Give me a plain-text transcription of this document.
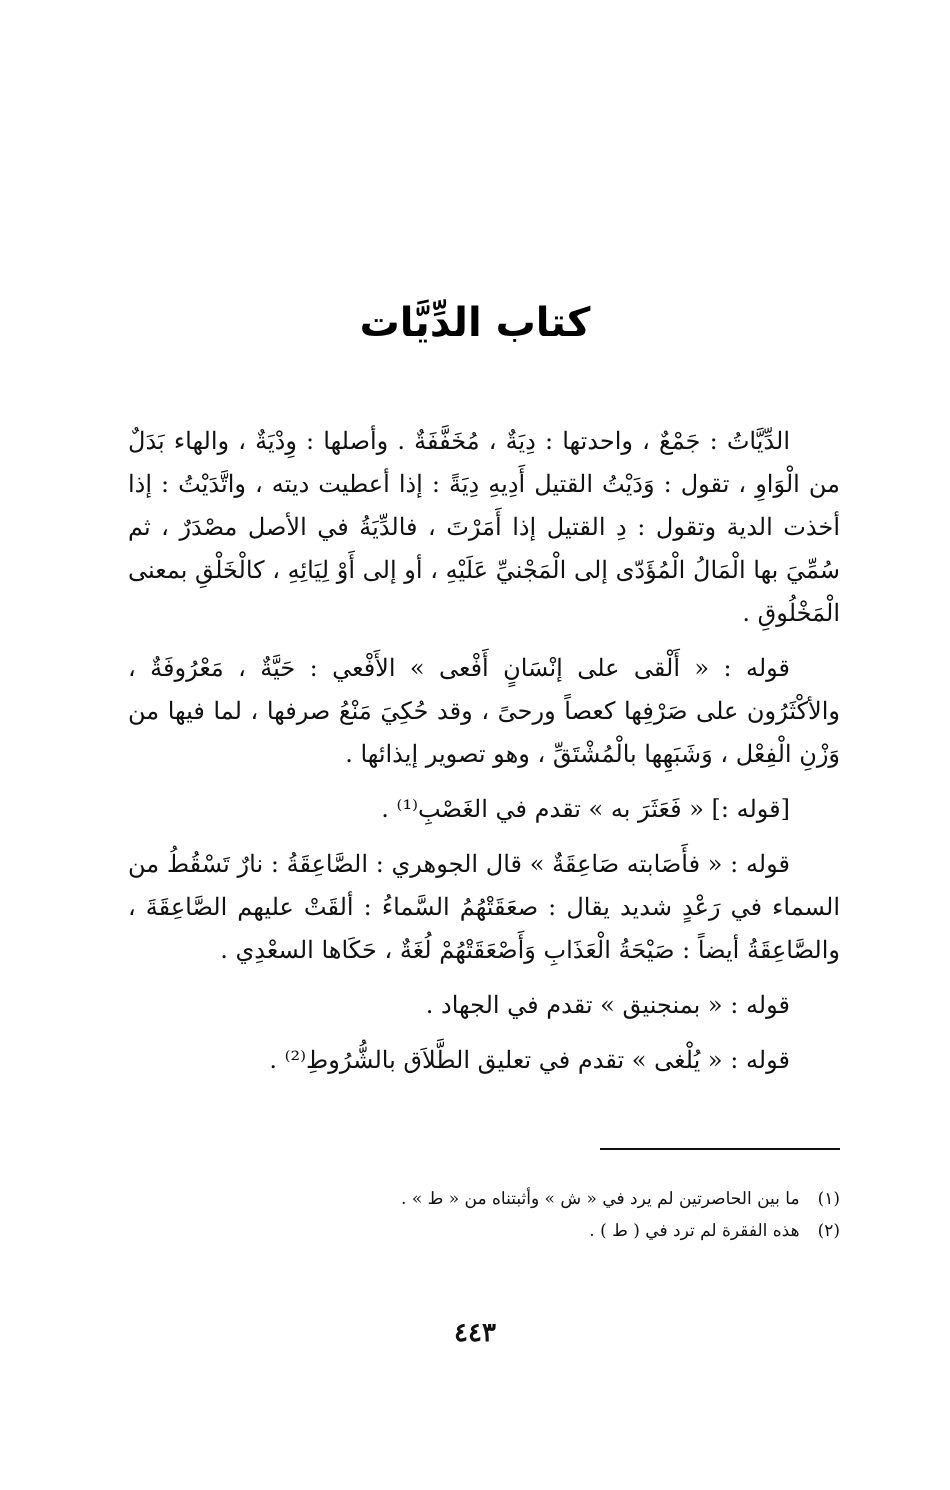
كتاب الدِّيَّات

الدِّيَّاتُ : جَمْعٌ ، واحدتها : دِيَةٌ ، مُخَفَّفَةٌ . وأصلها : وِدْيَةٌ ، والهاء بَدَلٌ من الْوَاوِ ، تقول : وَدَيْتُ القتيل أَدِيهِ دِيَةً : إذا أعطيت ديته ، واتَّدَيْتُ : إذا أخذت الدية وتقول : دِ القتيل إذا أَمَرْتَ ، فالدِّيَةُ في الأصل مصْدَرٌ ، ثم سُمِّيَ بها الْمَالُ الْمُؤَدّى إلى الْمَجْنيِّ عَلَيْهِ ، أو إلى أَوْ لِيَائِهِ ، كالْخَلْقِ بمعنى الْمَخْلُوقِ .

قوله : « أَلْقى على إنْسَانٍ أَفْعى » الأَفْعي : حَيَّةٌ ، مَعْرُوفَةٌ ، والأكْثَرُون على صَرْفِها كعصاً ورحىً ، وقد حُكِيَ مَنْعُ صرفها ، لما فيها من وَزْنِ الْفِعْل ، وَشَبَهِها بالْمُشْتَقِّ ، وهو تصوير إيذائها .

[قوله :] « فَعَثَرَ به » تقدم في الغَصْبِ⁽¹⁾ .

قوله : « فأَصَابته صَاعِقَةٌ » قال الجوهري : الصَّاعِقَةُ : نارٌ تَسْقُطُ من السماء في رَعْدٍ شديد يقال : صعَقَتْهُمُ السَّماءُ : ألقَتْ عليهم الصَّاعِقَةَ ، والصَّاعِقَةُ أيضاً : صَيْحَةُ الْعَذَابِ وَأَصْعَقَتْهُمْ لُغَةٌ ، حَكَاها السعْدِي .

قوله : « بمنجنيق » تقدم في الجهاد .

قوله : « يُلْغى » تقدم في تعليق الطَّلاَق بالشُّرُوطِ⁽²⁾ .

(١)ما بين الحاصرتين لم يرد في « ش » وأثبتناه من « ط » .

(٢)هذه الفقرة لم ترد في ( ط ) .

٤٤٣
